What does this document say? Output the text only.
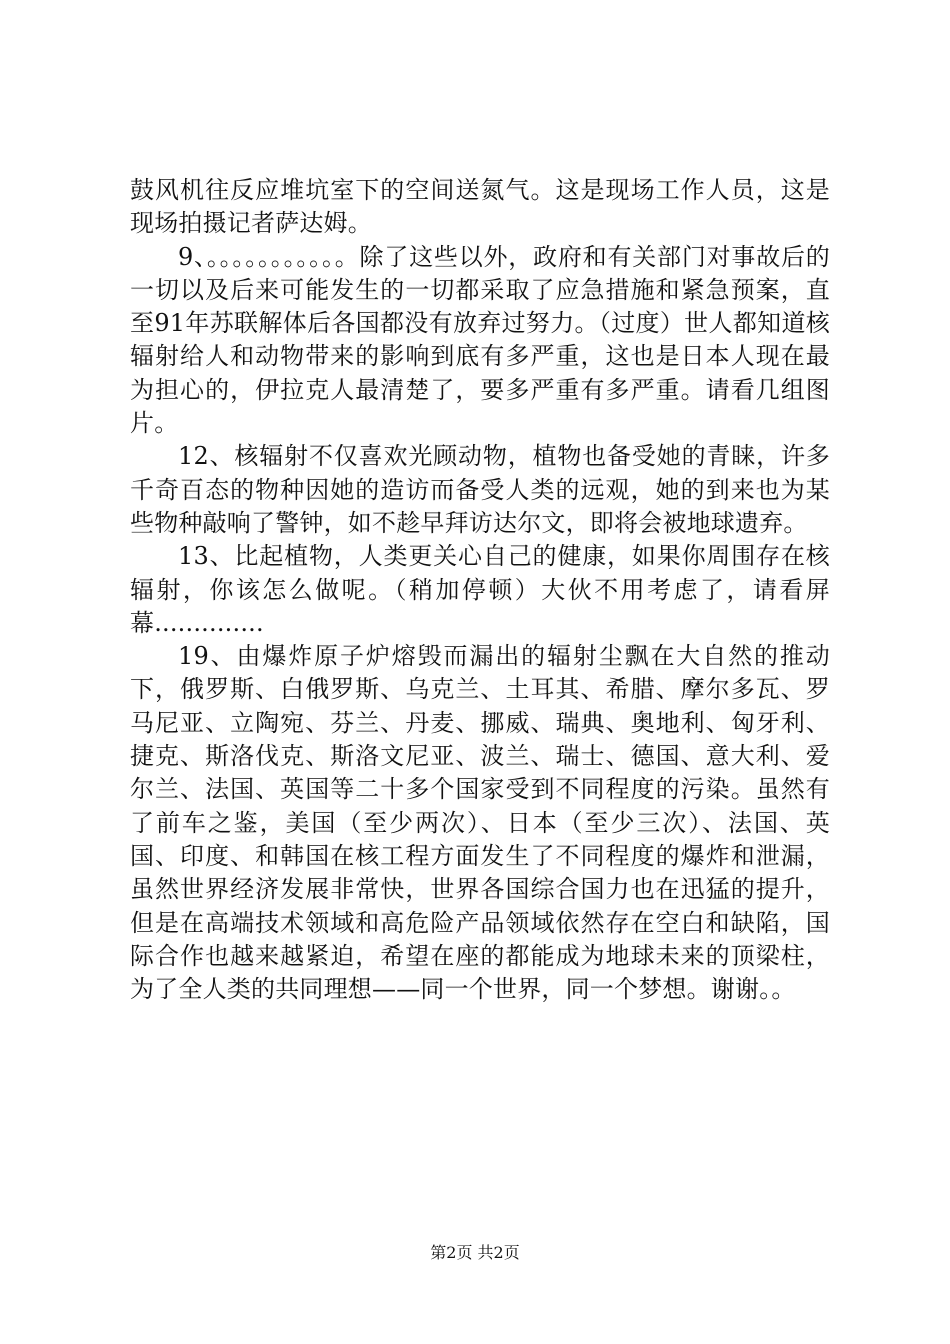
鼓风机往反应堆坑室下的空间送氮气。这是现场工作人员，这是现场拍摄记者萨达姆。

9、。。。。。。。。。。。除了这些以外，政府和有关部门对事故后的一切以及后来可能发生的一切都采取了应急措施和紧急预案，直至91年苏联解体后各国都没有放弃过努力。（过度）世人都知道核辐射给人和动物带来的影响到底有多严重，这也是日本人现在最为担心的，伊拉克人最清楚了，要多严重有多严重。请看几组图片。

12、核辐射不仅喜欢光顾动物，植物也备受她的青睐，许多千奇百态的物种因她的造访而备受人类的远观，她的到来也为某些物种敲响了警钟，如不趁早拜访达尔文，即将会被地球遗弃。

13、比起植物，人类更关心自己的健康，如果你周围存在核辐射，你该怎么做呢。（稍加停顿）大伙不用考虑了，请看屏幕..............

19、由爆炸原子炉熔毁而漏出的辐射尘飘在大自然的推动下，俄罗斯、白俄罗斯、乌克兰、土耳其、希腊、摩尔多瓦、罗马尼亚、立陶宛、芬兰、丹麦、挪威、瑞典、奥地利、匈牙利、捷克、斯洛伐克、斯洛文尼亚、波兰、瑞士、德国、意大利、爱尔兰、法国、英国等二十多个国家受到不同程度的污染。虽然有了前车之鉴，美国（至少两次）、日本（至少三次）、法国、英国、印度、和韩国在核工程方面发生了不同程度的爆炸和泄漏，虽然世界经济发展非常快，世界各国综合国力也在迅猛的提升，但是在高端技术领域和高危险产品领域依然存在空白和缺陷，国际合作也越来越紧迫，希望在座的都能成为地球未来的顶梁柱，为了全人类的共同理想——同一个世界，同一个梦想。谢谢。。

第2页 共2页
